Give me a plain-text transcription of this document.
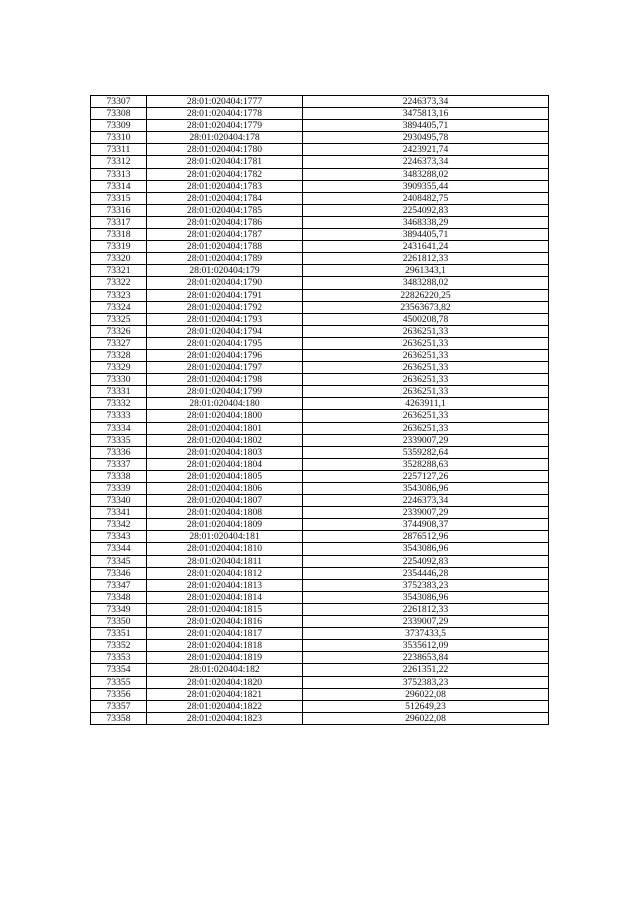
73307	28:01:020404:1777	2246373,34
73308	28:01:020404:1778	3475813,16
73309	28:01:020404:1779	3894405,71
73310	28:01:020404:178	2930495,78
73311	28:01:020404:1780	2423921,74
73312	28:01:020404:1781	2246373,34
73313	28:01:020404:1782	3483288,02
73314	28:01:020404:1783	3909355,44
73315	28:01:020404:1784	2408482,75
73316	28:01:020404:1785	2254092,83
73317	28:01:020404:1786	3468338,29
73318	28:01:020404:1787	3894405,71
73319	28:01:020404:1788	2431641,24
73320	28:01:020404:1789	2261812,33
73321	28:01:020404:179	2961343,1
73322	28:01:020404:1790	3483288,02
73323	28:01:020404:1791	22826220,25
73324	28:01:020404:1792	23563673,82
73325	28:01:020404:1793	4500208,78
73326	28:01:020404:1794	2636251,33
73327	28:01:020404:1795	2636251,33
73328	28:01:020404:1796	2636251,33
73329	28:01:020404:1797	2636251,33
73330	28:01:020404:1798	2636251,33
73331	28:01:020404:1799	2636251,33
73332	28:01:020404:180	4263911,1
73333	28:01:020404:1800	2636251,33
73334	28:01:020404:1801	2636251,33
73335	28:01:020404:1802	2339007,29
73336	28:01:020404:1803	5359282,64
73337	28:01:020404:1804	3528288,63
73338	28:01:020404:1805	2257127,26
73339	28:01:020404:1806	3543086,96
73340	28:01:020404:1807	2246373,34
73341	28:01:020404:1808	2339007,29
73342	28:01:020404:1809	3744908,37
73343	28:01:020404:181	2876512,96
73344	28:01:020404:1810	3543086,96
73345	28:01:020404:1811	2254092,83
73346	28:01:020404:1812	2354446,28
73347	28:01:020404:1813	3752383,23
73348	28:01:020404:1814	3543086,96
73349	28:01:020404:1815	2261812,33
73350	28:01:020404:1816	2339007,29
73351	28:01:020404:1817	3737433,5
73352	28:01:020404:1818	3535612,09
73353	28:01:020404:1819	2238653,84
73354	28:01:020404:182	2261351,22
73355	28:01:020404:1820	3752383,23
73356	28:01:020404:1821	296022,08
73357	28:01:020404:1822	512649,23
73358	28:01:020404:1823	296022,08
